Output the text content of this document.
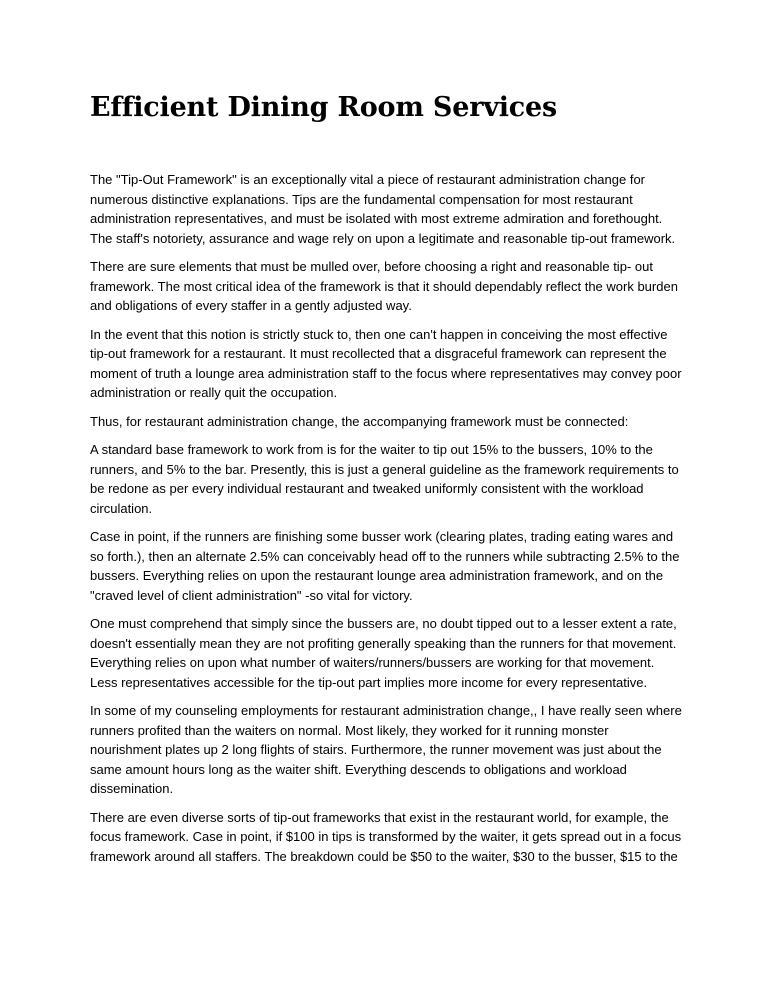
Efficient Dining Room Services

The "Tip-Out Framework" is an exceptionally vital a piece of restaurant administration change for numerous distinctive explanations. Tips are the fundamental compensation for most restaurant administration representatives, and must be isolated with most extreme admiration and forethought. The staff's notoriety, assurance and wage rely on upon a legitimate and reasonable tip-out framework.

There are sure elements that must be mulled over, before choosing a right and reasonable tip- out framework. The most critical idea of the framework is that it should dependably reflect the work burden and obligations of every staffer in a gently adjusted way.

In the event that this notion is strictly stuck to, then one can't happen in conceiving the most effective tip-out framework for a restaurant. It must recollected that a disgraceful framework can represent the moment of truth a lounge area administration staff to the focus where representatives may convey poor administration or really quit the occupation.

Thus, for restaurant administration change, the accompanying framework must be connected:

A standard base framework to work from is for the waiter to tip out 15% to the bussers, 10% to the runners, and 5% to the bar. Presently, this is just a general guideline as the framework requirements to be redone as per every individual restaurant and tweaked uniformly consistent with the workload circulation.

Case in point, if the runners are finishing some busser work (clearing plates, trading eating wares and so forth.), then an alternate 2.5% can conceivably head off to the runners while subtracting 2.5% to the bussers. Everything relies on upon the restaurant lounge area administration framework, and on the "craved level of client administration" -so vital for victory.

One must comprehend that simply since the bussers are, no doubt tipped out to a lesser extent a rate, doesn't essentially mean they are not profiting generally speaking than the runners for that movement. Everything relies on upon what number of waiters/runners/bussers are working for that movement. Less representatives accessible for the tip-out part implies more income for every representative.

In some of my counseling employments for restaurant administration change,, I have really seen where runners profited than the waiters on normal. Most likely, they worked for it running monster nourishment plates up 2 long flights of stairs. Furthermore, the runner movement was just about the same amount hours long as the waiter shift. Everything descends to obligations and workload dissemination.

There are even diverse sorts of tip-out frameworks that exist in the restaurant world, for example, the focus framework. Case in point, if $100 in tips is transformed by the waiter, it gets spread out in a focus framework around all staffers. The breakdown could be $50 to the waiter, $30 to the busser, $15 to the
